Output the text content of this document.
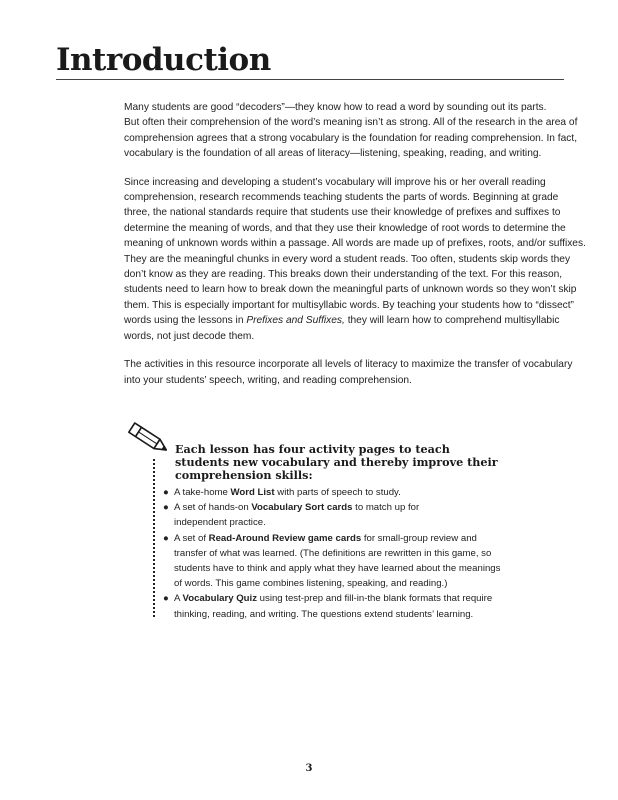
Introduction

Many students are good “decoders”—they know how to read a word by sounding out its parts.
But often their comprehension of the word’s meaning isn’t as strong. All of the research in the area of
comprehension agrees that a strong vocabulary is the foundation for reading comprehension. In fact,
vocabulary is the foundation of all areas of literacy—listening, speaking, reading, and writing.

Since increasing and developing a student’s vocabulary will improve his or her overall reading
comprehension, research recommends teaching students the parts of words. Beginning at grade
three, the national standards require that students use their knowledge of prefixes and suffixes to
determine the meaning of words, and that they use their knowledge of root words to determine the
meaning of unknown words within a passage. All words are made up of prefixes, roots, and/or suffixes.
They are the meaningful chunks in every word a student reads. Too often, students skip words they
don’t know as they are reading. This breaks down their understanding of the text. For this reason,
students need to learn how to break down the meaningful parts of unknown words so they won’t skip
them. This is especially important for multisyllabic words. By teaching your students how to “dissect”
words using the lessons in Prefixes and Suffixes, they will learn how to comprehend multisyllabic
words, not just decode them.

The activities in this resource incorporate all levels of literacy to maximize the transfer of vocabulary
into your students’ speech, writing, and reading comprehension.

Each lesson has four activity pages to teach
students new vocabulary and thereby improve their
comprehension skills:
● A take-home Word List with parts of speech to study.
● A set of hands-on Vocabulary Sort cards to match up for
independent practice.
● A set of Read-Around Review game cards for small-group review and
transfer of what was learned. (The definitions are rewritten in this game, so
students have to think and apply what they have learned about the meanings
of words. This game combines listening, speaking, and reading.)
● A Vocabulary Quiz using test-prep and fill-in-the blank formats that require
thinking, reading, and writing. The questions extend students’ learning.
3
